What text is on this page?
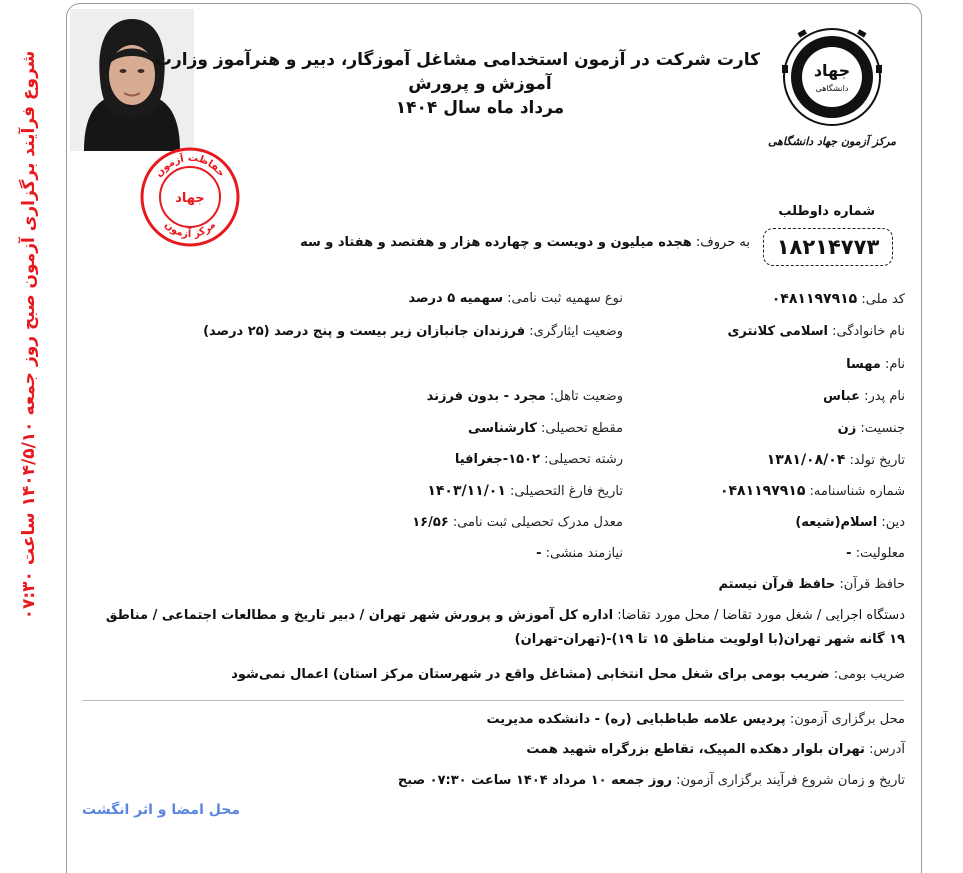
شروع فرآیند برگزاری آزمون صبح روز جمعه ۱۴۰۴/۵/۱۰ ساعت ۰۷:۳۰	حفاظت آزمون
مرکز آزمون
جهاد
جهاد
دانشگاهی
مرکز آزمون جهاد دانشگاهی
کارت شرکت در آزمون استخدامی مشاغل آموزگار، دبیر و هنرآموز وزارت
آموزش و پرورش
مرداد ماه سال ۱۴۰۴
شماره داوطلب
۱۸۲۱۴۷۷۳
به حروف: هجده میلیون و دویست و چهارده هزار و هفتصد و هفتاد و سه
کد ملی: ۰۴۸۱۱۹۷۹۱۵
نام خانوادگی: اسلامی کلانتری
نام: مهسا
نام پدر: عباس
جنسیت: زن
تاریخ تولد: ۱۳۸۱/۰۸/۰۴
شماره شناسنامه: ۰۴۸۱۱۹۷۹۱۵
دین: اسلام(شیعه)
معلولیت: -
حافظ قرآن: حافظ قرآن نیستم
نوع سهمیه ثبت نامی: سهمیه ۵ درصد
وضعیت ایثارگری: فرزندان جانبازان زیر بیست و پنج درصد (۲۵ درصد)
وضعیت تاهل: مجرد - بدون فرزند
مقطع تحصیلی: کارشناسی
رشته تحصیلی: ۱۵۰۲-جغرافیا
تاریخ فارغ التحصیلی: ۱۴۰۳/۱۱/۰۱
معدل مدرک تحصیلی ثبت نامی: ۱۶/۵۶
نیازمند منشی: -
دستگاه اجرایی / شغل مورد تقاضا / محل مورد تقاضا: اداره کل آموزش و پرورش شهر تهران / دبیر تاریخ و مطالعات اجتماعی / مناطق ۱۹ گانه شهر تهران(با اولویت مناطق ۱۵ تا ۱۹)-(تهران-تهران)
ضریب بومی: ضریب بومی برای شغل محل انتخابی (مشاغل واقع در شهرستان مرکز استان) اعمال نمی‌شود
محل برگزاری آزمون: پردیس علامه طباطبایی (ره) - دانشکده مدیریت
آدرس: تهران بلوار دهکده المپیک، تقاطع بزرگراه شهید همت
تاریخ و زمان شروع فرآیند برگزاری آزمون: روز جمعه ۱۰ مرداد ۱۴۰۴ ساعت ۰۷:۳۰ صبح
محل امضا و اثر انگشت
